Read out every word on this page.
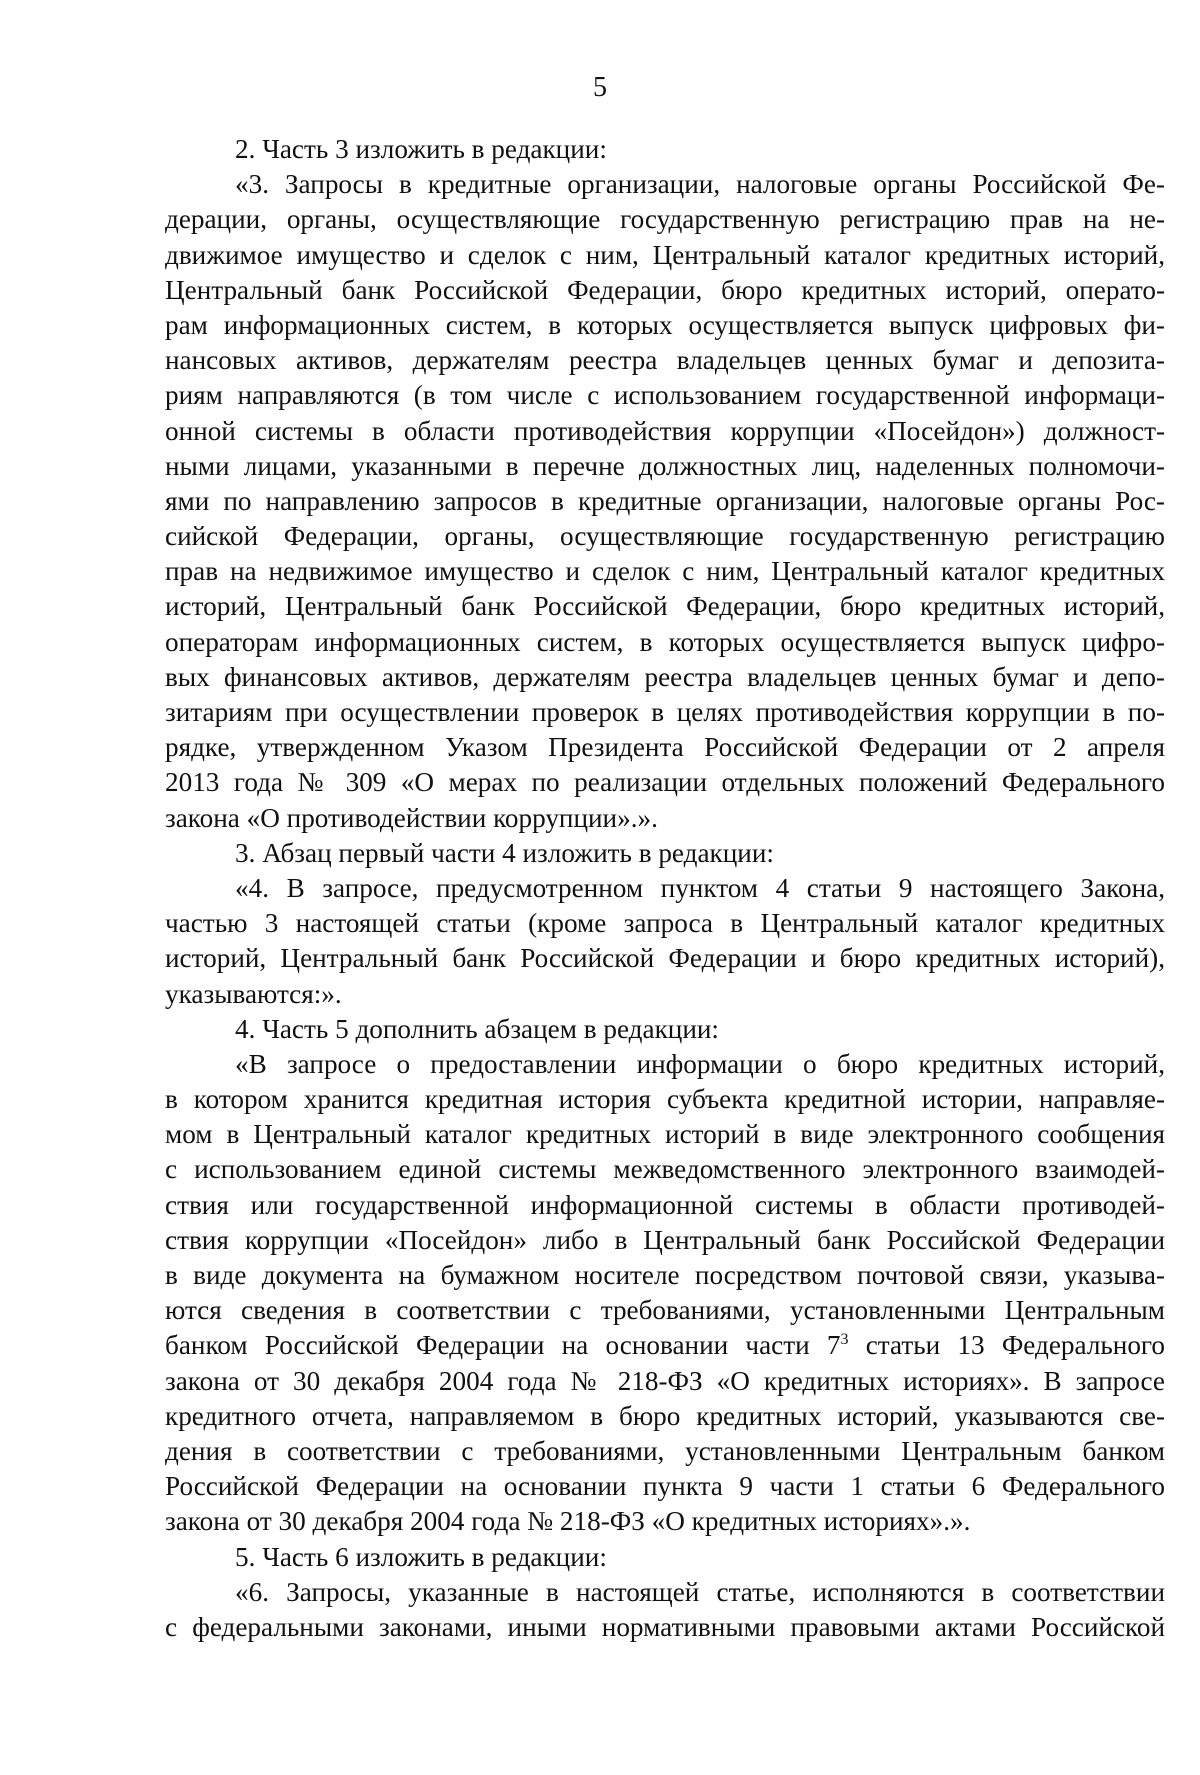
5
2. Часть 3 изложить в редакции:
«3. Запросы в кредитные организации, налоговые органы Российской Фе-
дерации, органы, осуществляющие государственную регистрацию прав на не-
движимое имущество и сделок с ним, Центральный каталог кредитных историй,
Центральный банк Российской Федерации, бюро кредитных историй, операто-
рам информационных систем, в которых осуществляется выпуск цифровых фи-
нансовых активов, держателям реестра владельцев ценных бумаг и депозита-
риям направляются (в том числе с использованием государственной информаци-
онной системы в области противодействия коррупции «Посейдон») должност-
ными лицами, указанными в перечне должностных лиц, наделенных полномочи-
ями по направлению запросов в кредитные организации, налоговые органы Рос-
сийской Федерации, органы, осуществляющие государственную регистрацию
прав на недвижимое имущество и сделок с ним, Центральный каталог кредитных
историй, Центральный банк Российской Федерации, бюро кредитных историй,
операторам информационных систем, в которых осуществляется выпуск цифро-
вых финансовых активов, держателям реестра владельцев ценных бумаг и депо-
зитариям при осуществлении проверок в целях противодействия коррупции в по-
рядке, утвержденном Указом Президента Российской Федерации от 2 апреля
2013 года № 309 «О мерах по реализации отдельных положений Федерального
закона «О противодействии коррупции».».
3. Абзац первый части 4 изложить в редакции:
«4. В запросе, предусмотренном пунктом 4 статьи 9 настоящего Закона,
частью 3 настоящей статьи (кроме запроса в Центральный каталог кредитных
историй, Центральный банк Российской Федерации и бюро кредитных историй),
указываются:».
4. Часть 5 дополнить абзацем в редакции:
«В запросе о предоставлении информации о бюро кредитных историй,
в котором хранится кредитная история субъекта кредитной истории, направляе-
мом в Центральный каталог кредитных историй в виде электронного сообщения
с использованием единой системы межведомственного электронного взаимодей-
ствия или государственной информационной системы в области противодей-
ствия коррупции «Посейдон» либо в Центральный банк Российской Федерации
в виде документа на бумажном носителе посредством почтовой связи, указыва-
ются сведения в соответствии с требованиями, установленными Центральным
банком Российской Федерации на основании части $7^3$ статьи 13 Федерального
закона от 30 декабря 2004 года № 218-ФЗ «О кредитных историях». В запросе
кредитного отчета, направляемом в бюро кредитных историй, указываются све-
дения в соответствии с требованиями, установленными Центральным банком
Российской Федерации на основании пункта 9 части 1 статьи 6 Федерального
закона от 30 декабря 2004 года № 218-ФЗ «О кредитных историях».».
5. Часть 6 изложить в редакции:
«6. Запросы, указанные в настоящей статье, исполняются в соответствии
с федеральными законами, иными нормативными правовыми актами Российской
